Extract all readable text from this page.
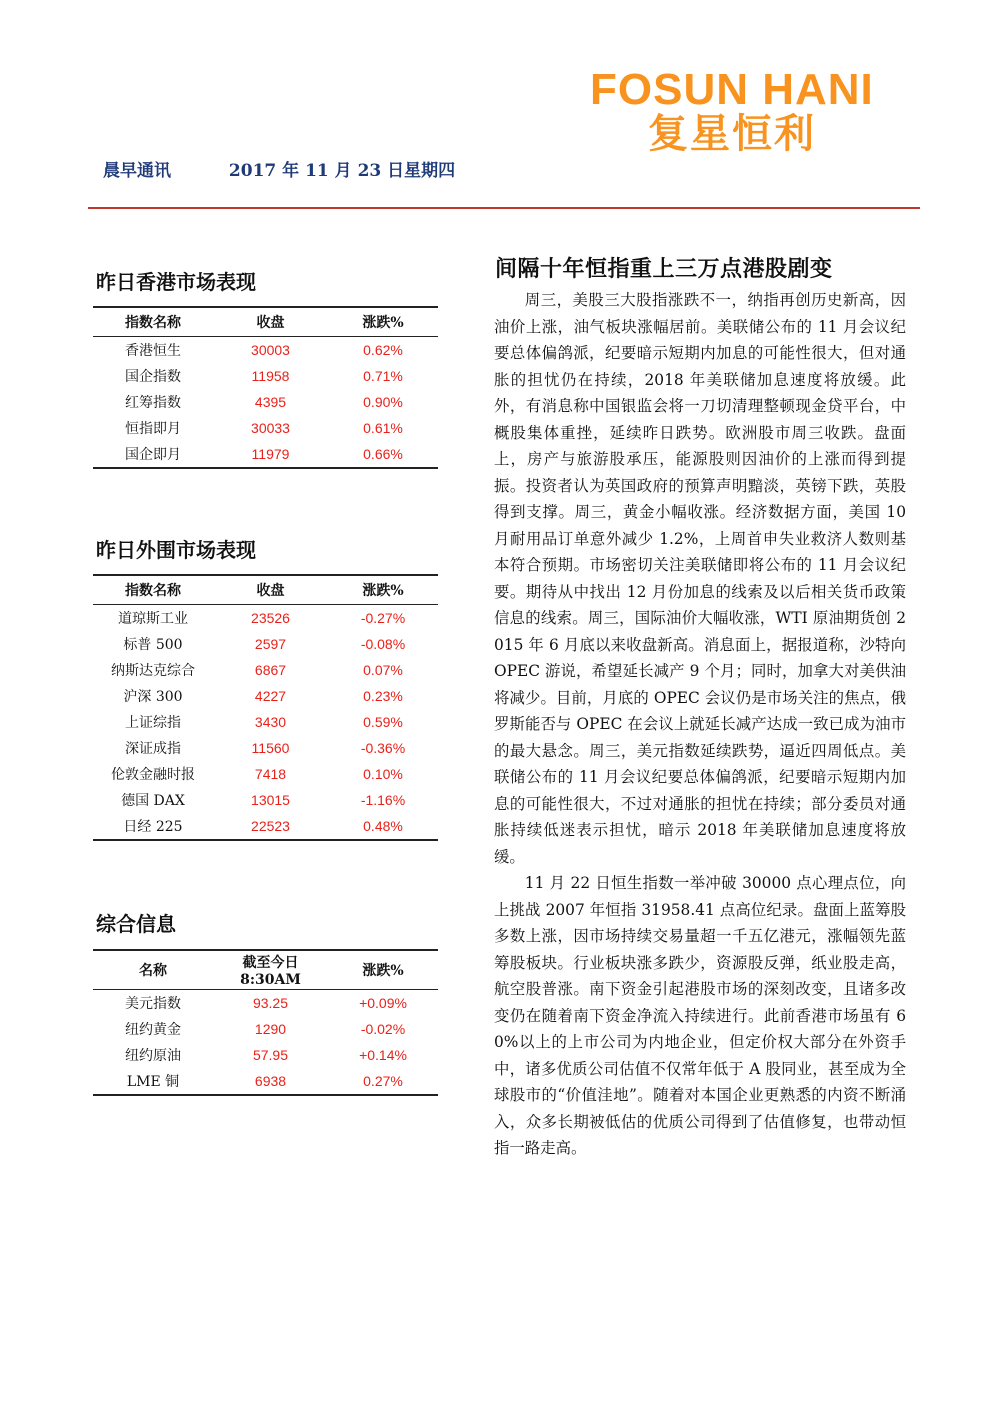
FOSUN HANI
复星恒利
晨早通讯	2017 年 11 月 23 日星期四
昨日香港市场表现
指数名称	收盘	涨跌%
香港恒生	30003	0.62%
国企指数	11958	0.71%
红筹指数	4395	0.90%
恒指即月	30033	0.61%
国企即月	11979	0.66%
昨日外围市场表现
指数名称	收盘	涨跌%
道琼斯工业	23526	-0.27%
标普 500	2597	-0.08%
纳斯达克综合	6867	0.07%
沪深 300	4227	0.23%
上证综指	3430	0.59%
深证成指	11560	-0.36%
伦敦金融时报	7418	0.10%
德国 DAX	13015	-1.16%
日经 225	22523	0.48%
综合信息
名称	截至今日 8:30AM	涨跌%
美元指数	93.25	+0.09%
纽约黄金	1290	-0.02%
纽约原油	57.95	+0.14%
LME 铜	6938	0.27%
间隔十年恒指重上三万点港股剧变

周三，美股三大股指涨跌不一，纳指再创历史新高，因油价上涨，油气板块涨幅居前。美联储公布的 11 月会议纪要总体偏鸽派，纪要暗示短期内加息的可能性很大，但对通胀的担忧仍在持续，2018 年美联储加息速度将放缓。此外，有消息称中国银监会将一刀切清理整顿现金贷平台，中概股集体重挫，延续昨日跌势。欧洲股市周三收跌。盘面上，房产与旅游股承压，能源股则因油价的上涨而得到提振。投资者认为英国政府的预算声明黯淡，英镑下跌，英股得到支撑。周三，黄金小幅收涨。经济数据方面，美国 10 月耐用品订单意外减少 1.2%，上周首申失业救济人数则基本符合预期。市场密切关注美联储即将公布的 11 月会议纪要。期待从中找出 12 月份加息的线索及以后相关货币政策信息的线索。周三，国际油价大幅收涨，WTI 原油期货创 2015 年 6 月底以来收盘新高。消息面上，据报道称，沙特向 OPEC 游说，希望延长减产 9 个月；同时，加拿大对美供油将减少。目前，月底的 OPEC 会议仍是市场关注的焦点，俄罗斯能否与 OPEC 在会议上就延长减产达成一致已成为油市的最大悬念。周三，美元指数延续跌势，逼近四周低点。美联储公布的 11 月会议纪要总体偏鸽派，纪要暗示短期内加息的可能性很大，不过对通胀的担忧在持续；部分委员对通胀持续低迷表示担忧，暗示 2018 年美联储加息速度将放缓。

11 月 22 日恒生指数一举冲破 30000 点心理点位，向上挑战 2007 年恒指 31958.41 点高位纪录。盘面上蓝筹股多数上涨，因市场持续交易量超一千五亿港元，涨幅领先蓝筹股板块。行业板块涨多跌少，资源股反弹，纸业股走高，航空股普涨。南下资金引起港股市场的深刻改变，且诸多改变仍在随着南下资金净流入持续进行。此前香港市场虽有 60%以上的上市公司为内地企业，但定价权大部分在外资手中，诸多优质公司估值不仅常年低于 A 股同业，甚至成为全球股市的“价值洼地”。随着对本国企业更熟悉的内资不断涌入，众多长期被低估的优质公司得到了估值修复，也带动恒指一路走高。
